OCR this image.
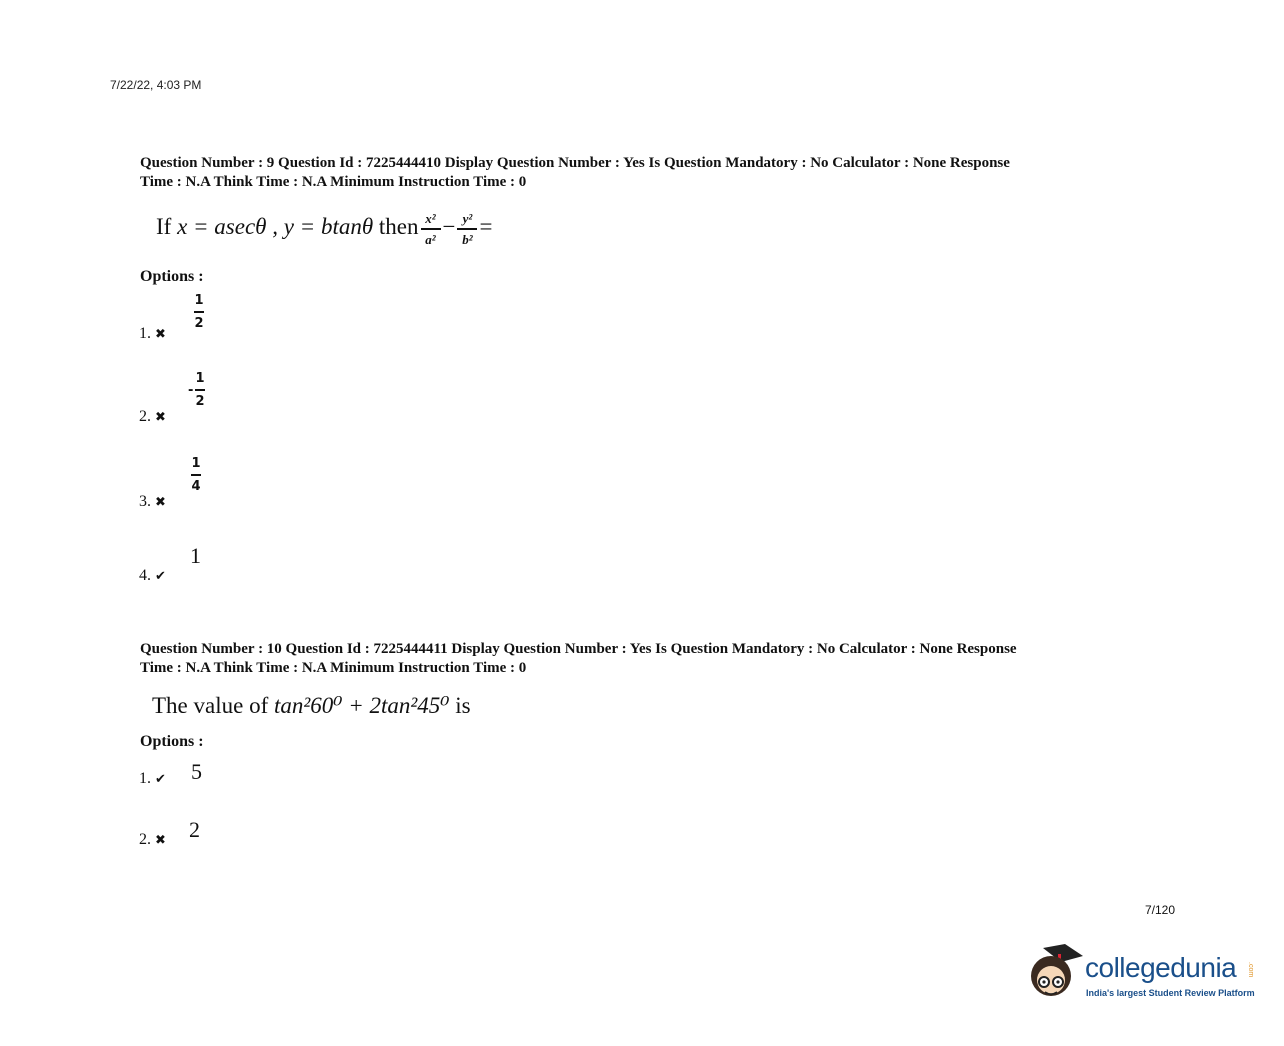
7/22/22, 4:03 PM
Question Number : 9 Question Id : 7225444410 Display Question Number : Yes Is Question Mandatory : No Calculator : None Response
Time : N.A Think Time : N.A Minimum Instruction Time : 0
If x = asecθ , y = btanθ then $\frac{\text{x²}}{\text{a²}} - \frac{\text{y²}}{\text{b²}}$ =
Options :
1. ✖
1
2
2. ✖
-
1
2
3. ✖
1
4
4. ✔
1
Question Number : 10 Question Id : 7225444411 Display Question Number : Yes Is Question Mandatory : No Calculator : None Response
Time : N.A Think Time : N.A Minimum Instruction Time : 0
The value of tan²60⁰ + 2tan²45⁰ is
Options :
1. ✔ 5
2. ✖ 2
7/120
collegedunia .com
India's largest Student Review Platform
